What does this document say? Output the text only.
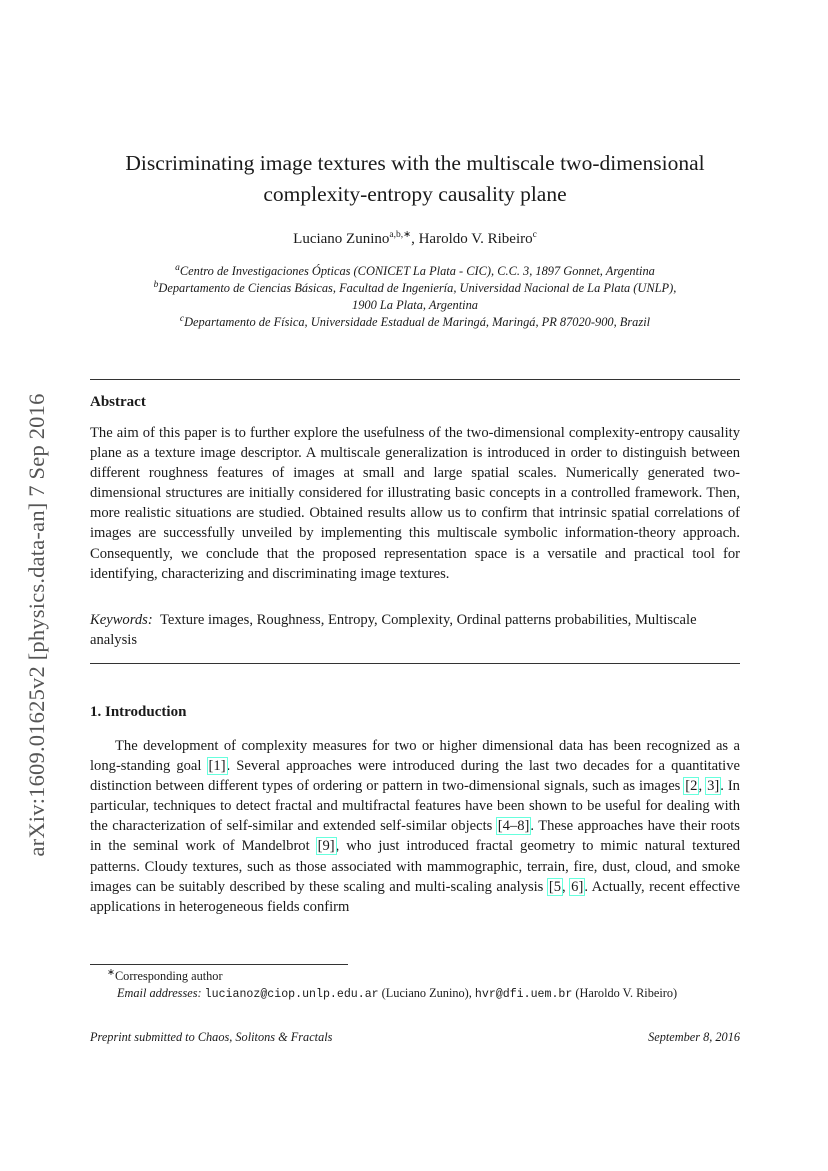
arXiv:1609.01625v2 [physics.data-an] 7 Sep 2016
Discriminating image textures with the multiscale two-dimensional
complexity-entropy causality plane
Luciano Zunino$^{a,b,∗}$, Haroldo V. Ribeiro$^c$
$^a$Centro de Investigaciones Ópticas (CONICET La Plata - CIC), C.C. 3, 1897 Gonnet, Argentina
$^b$Departamento de Ciencias Básicas, Facultad de Ingeniería, Universidad Nacional de La Plata (UNLP),
1900 La Plata, Argentina
$^c$Departamento de Física, Universidade Estadual de Maringá, Maringá, PR 87020-900, Brazil
Abstract
The aim of this paper is to further explore the usefulness of the two-dimensional complexity-entropy causality plane as a texture image descriptor. A multiscale generalization is introduced in order to distinguish between different roughness features of images at small and large spatial scales. Numerically generated two-dimensional structures are initially considered for illustrating basic concepts in a controlled framework. Then, more realistic situations are studied. Obtained results allow us to confirm that intrinsic spatial correlations of images are successfully unveiled by implementing this multiscale symbolic information-theory approach. Consequently, we conclude that the proposed representation space is a versatile and practical tool for identifying, characterizing and discriminating image textures.
Keywords: Texture images, Roughness, Entropy, Complexity, Ordinal patterns probabilities, Multiscale analysis
1. Introduction
The development of complexity measures for two or higher dimensional data has been recognized as a long-standing goal [1]. Several approaches were introduced during the last two decades for a quantitative distinction between different types of ordering or pattern in two-dimensional signals, such as images [2, 3]. In particular, techniques to detect fractal and multifractal features have been shown to be useful for dealing with the characterization of self-similar and extended self-similar objects [4–8]. These approaches have their roots in the seminal work of Mandelbrot [9], who just introduced fractal geometry to mimic natural textured patterns. Cloudy textures, such as those associated with mammographic, terrain, fire, dust, cloud, and smoke images can be suitably described by these scaling and multi-scaling analysis [5, 6]. Actually, recent effective applications in heterogeneous fields confirm
∗Corresponding author
Email addresses: lucianoz@ciop.unlp.edu.ar (Luciano Zunino), hvr@dfi.uem.br (Haroldo V. Ribeiro)
Preprint submitted to Chaos, Solitons & Fractals	September 8, 2016
